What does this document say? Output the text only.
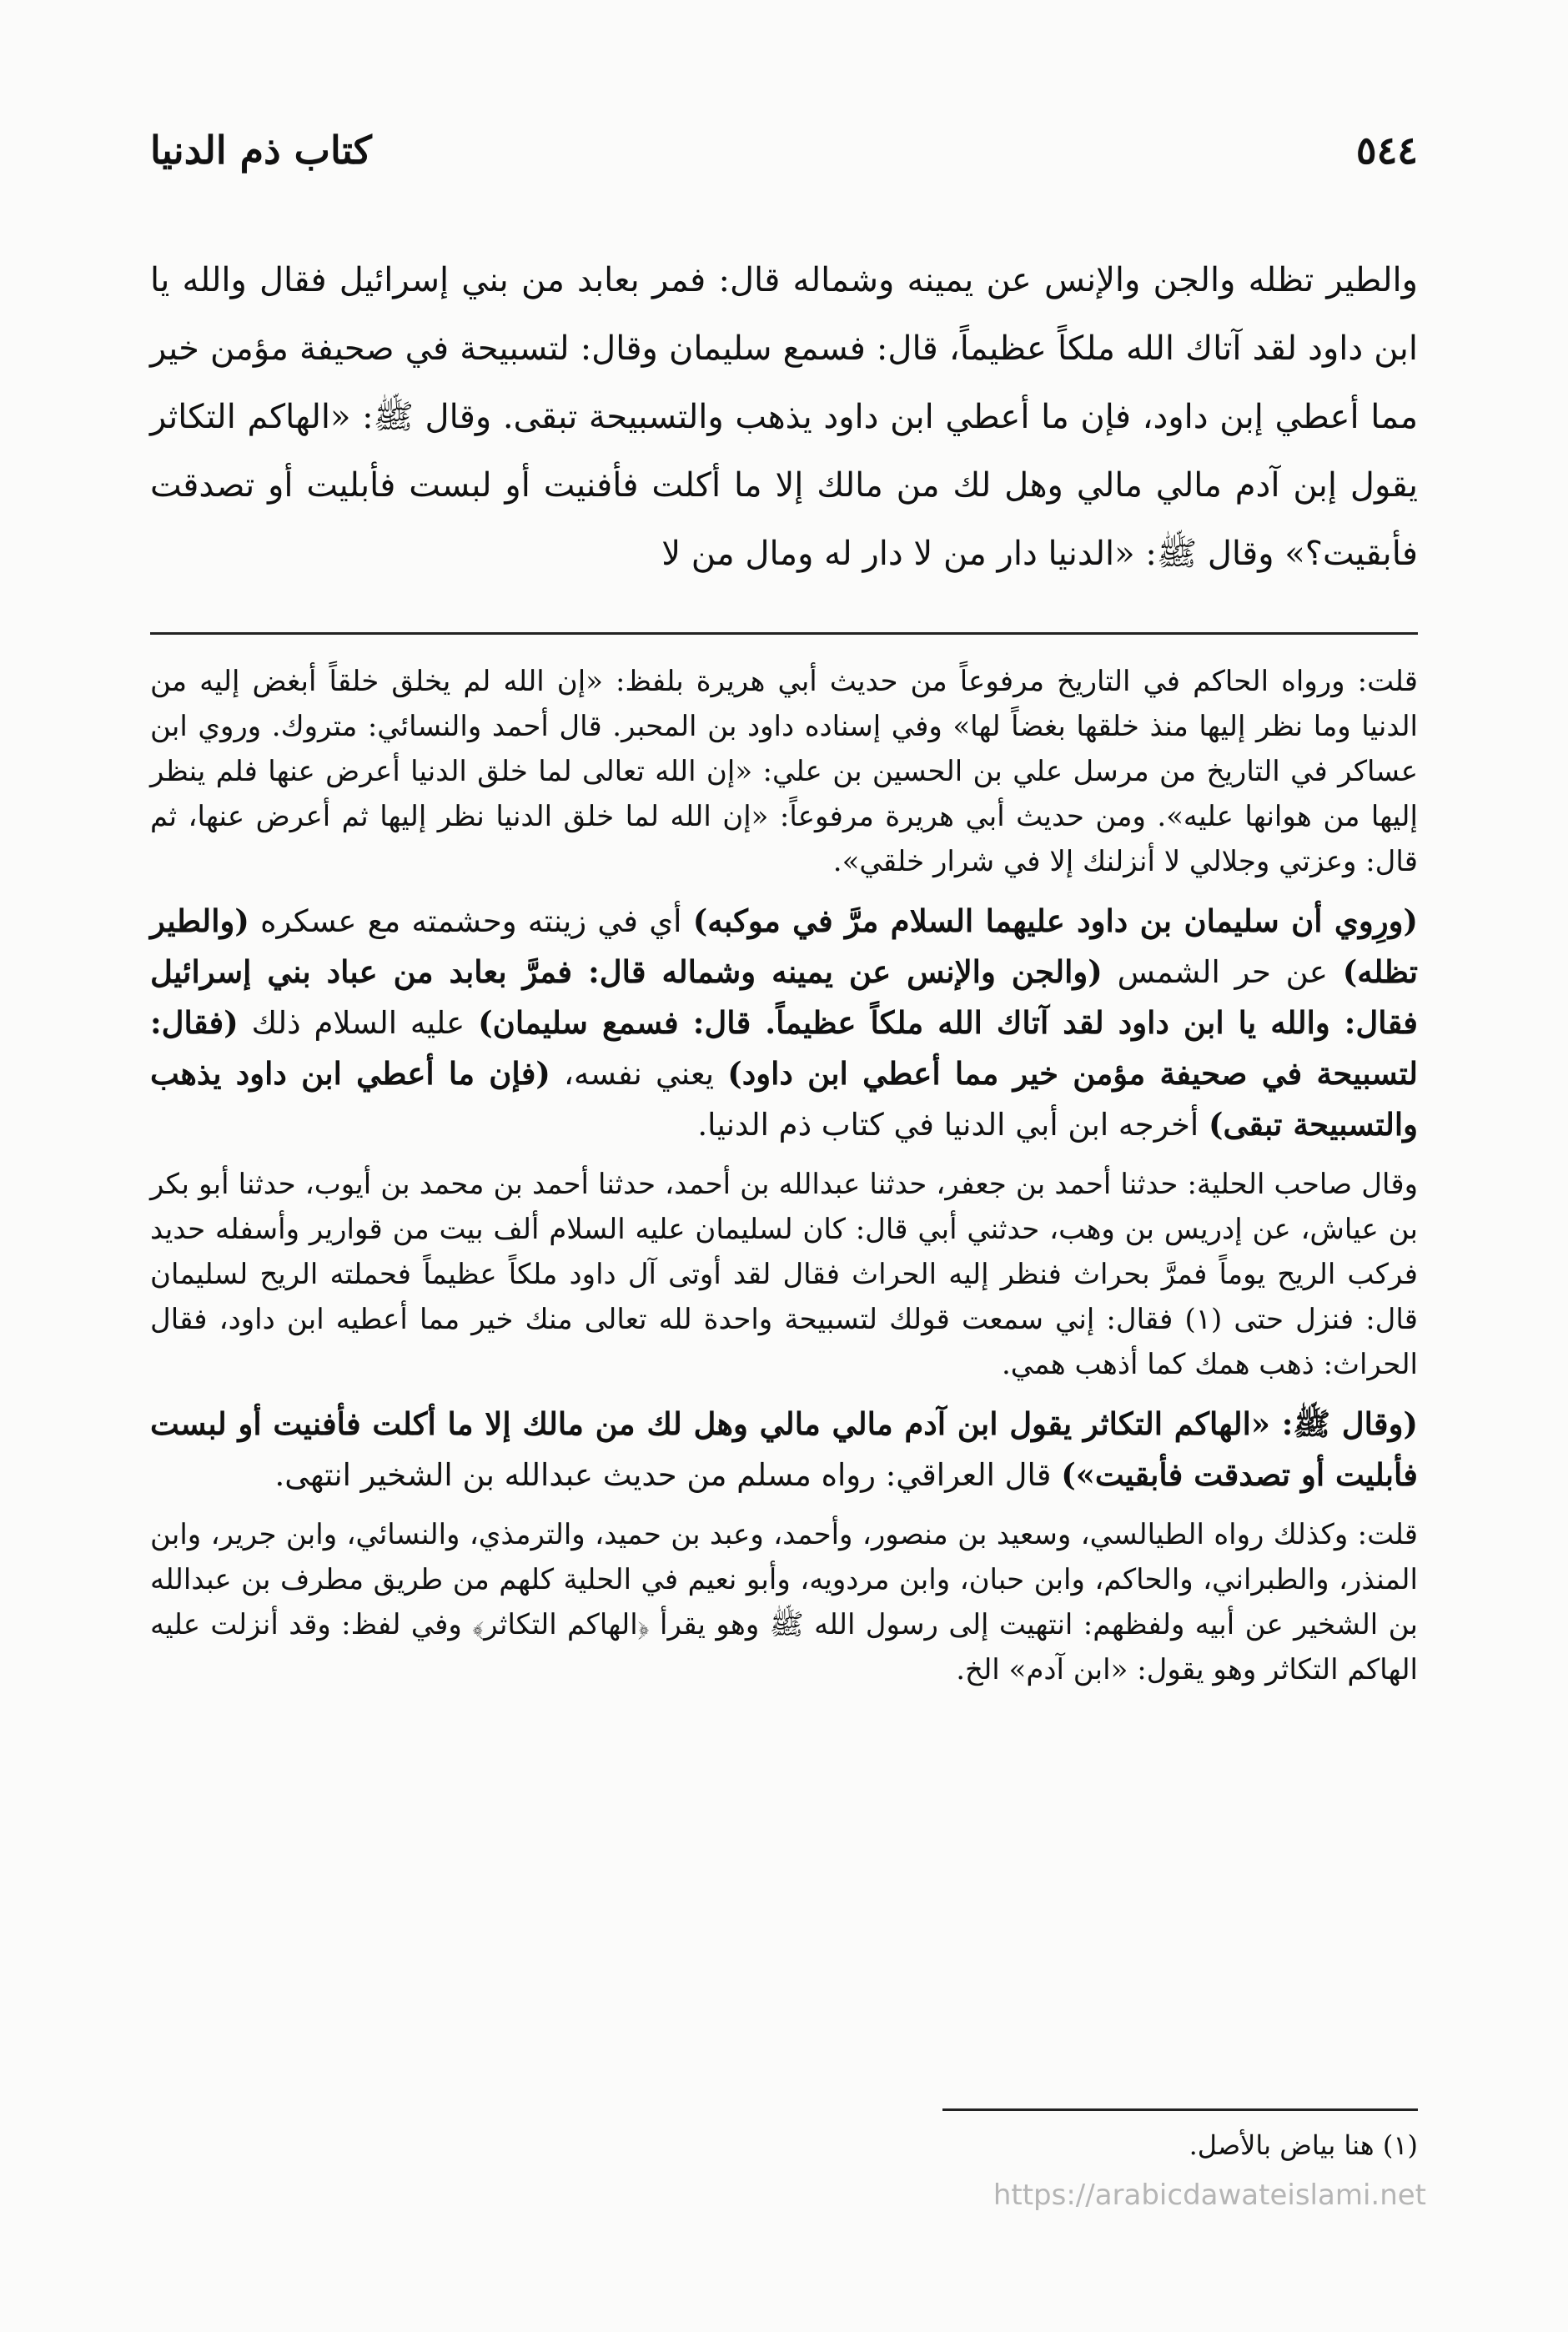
٥٤٤
كتاب ذم الدنيا
والطير تظله والجن والإنس عن يمينه وشماله قال: فمر بعابد من بني إسرائيل فقال والله يا ابن داود لقد آتاك الله ملكاً عظيماً، قال: فسمع سليمان وقال: لتسبيحة في صحيفة مؤمن خير مما أعطي إبن داود، فإن ما أعطي ابن داود يذهب والتسبيحة تبقى. وقال ﷺ: «الهاكم التكاثر يقول إبن آدم مالي مالي وهل لك من مالك إلا ما أكلت فأفنيت أو لبست فأبليت أو تصدقت فأبقيت؟» وقال ﷺ: «الدنيا دار من لا دار له ومال من لا

قلت: ورواه الحاكم في التاريخ مرفوعاً من حديث أبي هريرة بلفظ: «إن الله لم يخلق خلقاً أبغض إليه من الدنيا وما نظر إليها منذ خلقها بغضاً لها» وفي إسناده داود بن المحبر. قال أحمد والنسائي: متروك. وروي ابن عساكر في التاريخ من مرسل علي بن الحسين بن علي: «إن الله تعالى لما خلق الدنيا أعرض عنها فلم ينظر إليها من هوانها عليه». ومن حديث أبي هريرة مرفوعاً: «إن الله لما خلق الدنيا نظر إليها ثم أعرض عنها، ثم قال: وعزتي وجلالي لا أنزلنك إلا في شرار خلقي».

(ورِوي أن سليمان بن داود عليهما السلام مرَّ في موكبه) أي في زينته وحشمته مع عسكره (والطير تظله) عن حر الشمس (والجن والإنس عن يمينه وشماله قال: فمرَّ بعابد من عباد بني إسرائيل فقال: والله يا ابن داود لقد آتاك الله ملكاً عظيماً. قال: فسمع سليمان) عليه السلام ذلك (فقال: لتسبيحة في صحيفة مؤمن خير مما أعطي ابن داود) يعني نفسه، (فإن ما أعطي ابن داود يذهب والتسبيحة تبقى) أخرجه ابن أبي الدنيا في كتاب ذم الدنيا.

وقال صاحب الحلية: حدثنا أحمد بن جعفر، حدثنا عبدالله بن أحمد، حدثنا أحمد بن محمد بن أيوب، حدثنا أبو بكر بن عياش، عن إدريس بن وهب، حدثني أبي قال: كان لسليمان عليه السلام ألف بيت من قوارير وأسفله حديد فركب الريح يوماً فمرَّ بحراث فنظر إليه الحراث فقال لقد أوتى آل داود ملكاً عظيماً فحملته الريح لسليمان قال: فنزل حتى (١) فقال: إني سمعت قولك لتسبيحة واحدة لله تعالى منك خير مما أعطيه ابن داود، فقال الحراث: ذهب همك كما أذهب همي.

(وقال ﷺ: «الهاكم التكاثر يقول ابن آدم مالي مالي وهل لك من مالك إلا ما أكلت فأفنيت أو لبست فأبليت أو تصدقت فأبقيت») قال العراقي: رواه مسلم من حديث عبدالله بن الشخير انتهى.

قلت: وكذلك رواه الطيالسي، وسعيد بن منصور، وأحمد، وعبد بن حميد، والترمذي، والنسائي، وابن جرير، وابن المنذر، والطبراني، والحاكم، وابن حبان، وابن مردويه، وأبو نعيم في الحلية كلهم من طريق مطرف بن عبدالله بن الشخير عن أبيه ولفظهم: انتهيت إلى رسول الله ﷺ وهو يقرأ ﴿الهاكم التكاثر﴾ وفي لفظ: وقد أنزلت عليه الهاكم التكاثر وهو يقول: «ابن آدم» الخ.

(١) هنا بياض بالأصل.
https://arabicdawateislami.net
